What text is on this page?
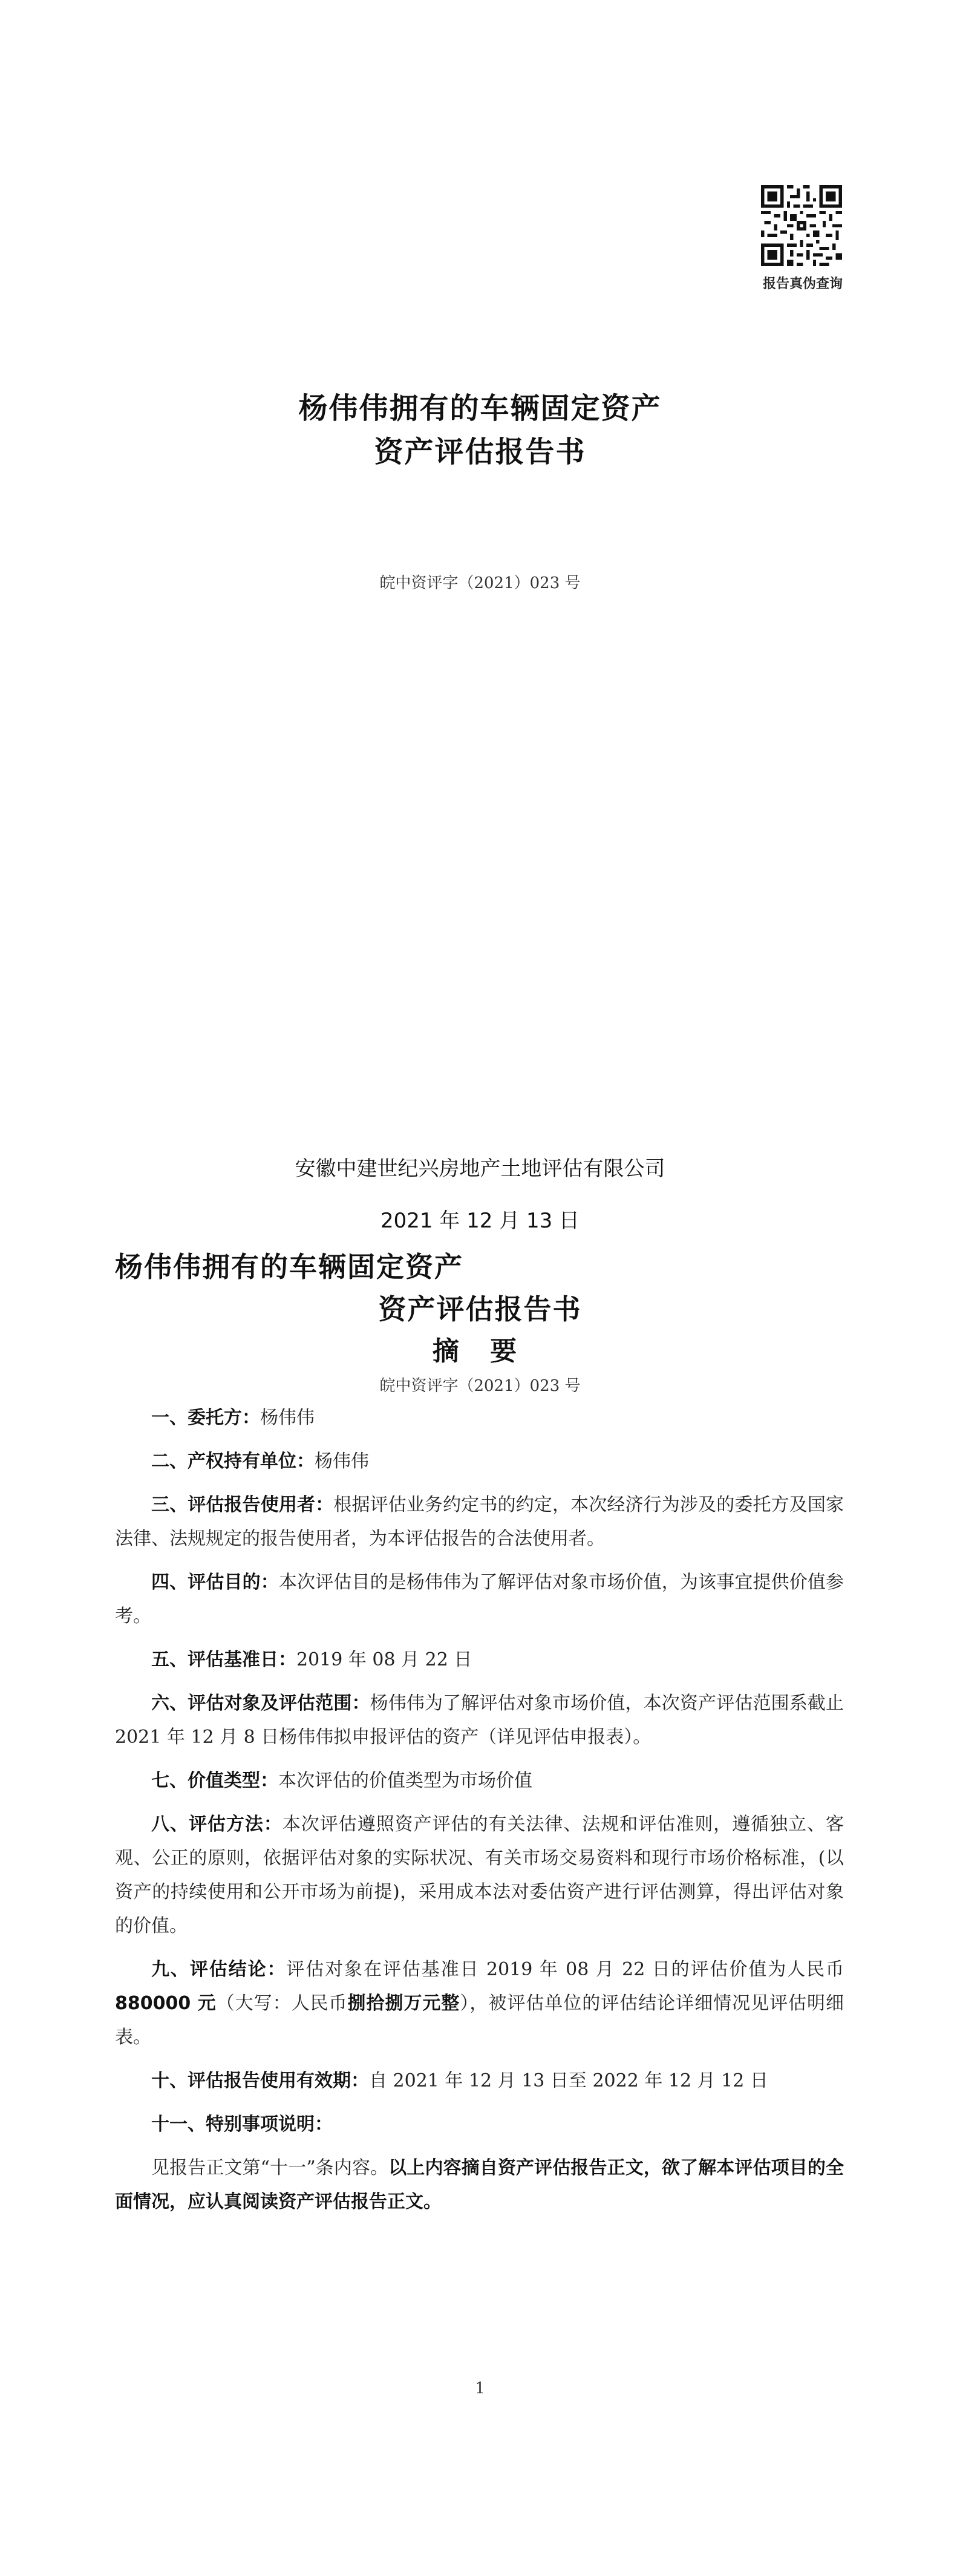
报告真伪查询
杨伟伟拥有的车辆固定资产
资产评估报告书
皖中资评字（2021）023 号
安徽中建世纪兴房地产土地评估有限公司
2021 年 12 月 13 日
杨伟伟拥有的车辆固定资产
资产评估报告书
摘 要
皖中资评字（2021）023 号

一、委托方：杨伟伟

二、产权持有单位：杨伟伟

三、评估报告使用者：根据评估业务约定书的约定，本次经济行为涉及的委托方及国家法律、法规规定的报告使用者，为本评估报告的合法使用者。

四、评估目的：本次评估目的是杨伟伟为了解评估对象市场价值，为该事宜提供价值参考。

五、评估基准日：2019 年 08 月 22 日

六、评估对象及评估范围：杨伟伟为了解评估对象市场价值，本次资产评估范围系截止 2021 年 12 月 8 日杨伟伟拟申报评估的资产（详见评估申报表）。

七、价值类型：本次评估的价值类型为市场价值

八、评估方法：本次评估遵照资产评估的有关法律、法规和评估准则，遵循独立、客观、公正的原则，依据评估对象的实际状况、有关市场交易资料和现行市场价格标准，(以资产的持续使用和公开市场为前提)，采用成本法对委估资产进行评估测算，得出评估对象的价值。

九、评估结论：评估对象在评估基准日 2019 年 08 月 22 日的评估价值为人民币880000 元（大写：人民币捌拾捌万元整），被评估单位的评估结论详细情况见评估明细表。

十、评估报告使用有效期：自 2021 年 12 月 13 日至 2022 年 12 月 12 日

十一、特别事项说明：

见报告正文第“十一”条内容。以上内容摘自资产评估报告正文，欲了解本评估项目的全面情况，应认真阅读资产评估报告正文。

1
